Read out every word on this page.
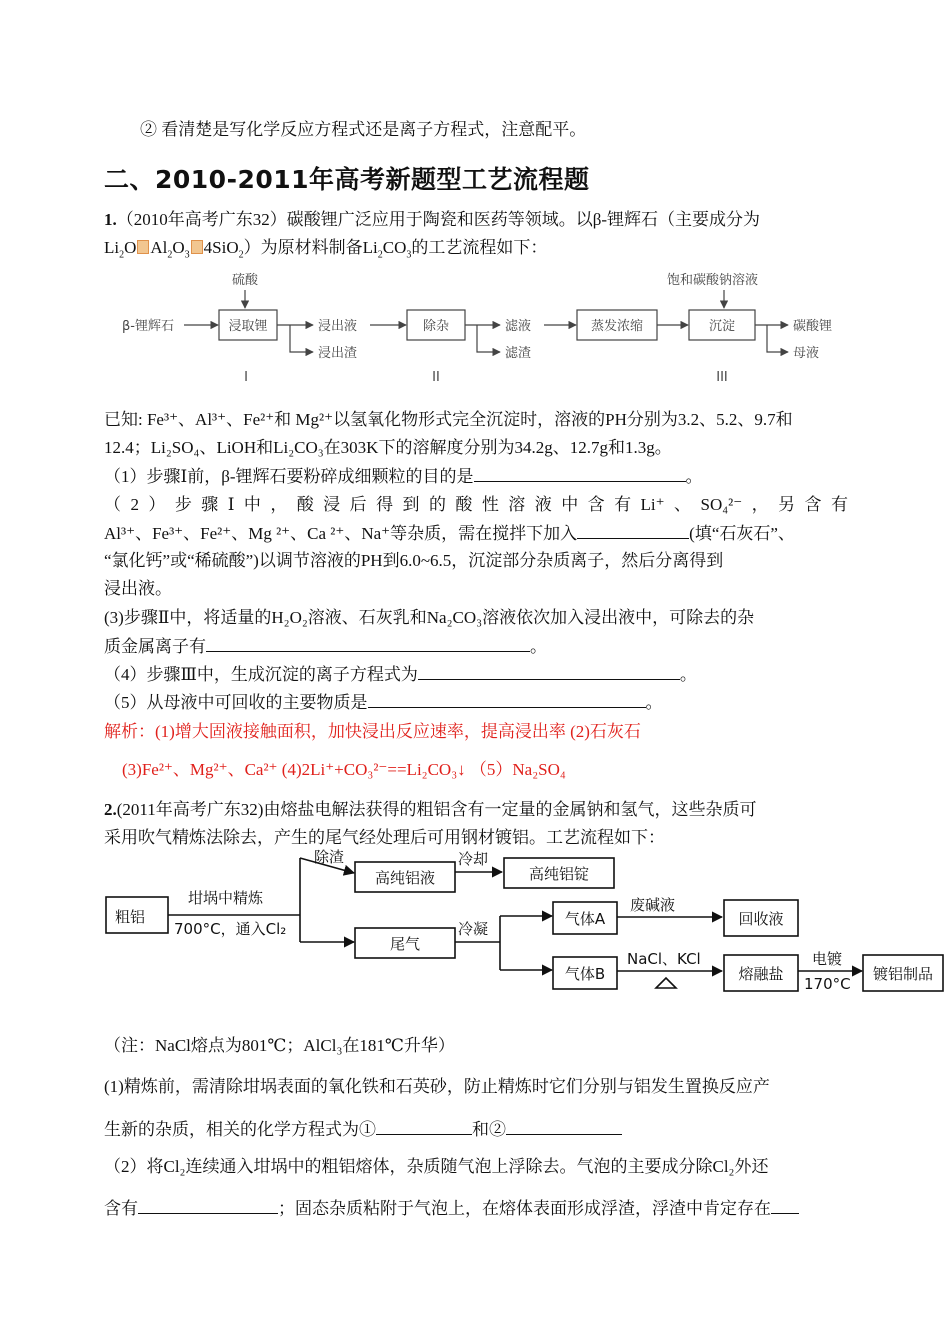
② 看清楚是写化学反应方程式还是离子方程式，注意配平。
二、2010-2011年高考新题型工艺流程题
1.（2010年高考广东32）碳酸锂广泛应用于陶瓷和医药等领域。以β-锂辉石（主要成分为
$Li_2O$ $Al_2O_3$ 4SiO$_2$）为原材料制备$Li_2CO_3$的工艺流程如下：
β-锂辉石
硫酸
浸取锂	浸出液
浸出渣
除杂	滤液
滤渣
蒸发浓缩
饱和碳酸钠溶液
沉淀	碳酸锂
母液
I	II	III
已知: Fe³⁺、Al³⁺、Fe²⁺和 Mg²⁺以氢氧化物形式完全沉淀时，溶液的PH分别为3.2、5.2、9.7和
12.4；Li₂SO₄、LiOH和Li₂CO₃在303K下的溶解度分别为34.2g、12.7g和1.3g。
（1）步骤Ⅰ前，β-锂辉石要粉碎成细颗粒的目的是	。
（2）步骤Ⅰ中，酸浸后得到的酸性溶液中含有Li⁺、SO₄²⁻，另含有
Al³⁺、Fe³⁺、Fe²⁺、Mg ²⁺、Ca ²⁺、Na⁺等杂质，需在搅拌下加入	(填“石灰石”、
“氯化钙”或“稀硫酸”)以调节溶液的PH到6.0~6.5，沉淀部分杂质离子，然后分离得到
浸出液。
(3)步骤Ⅱ中，将适量的H₂O₂溶液、石灰乳和Na₂CO₃溶液依次加入浸出液中，可除去的杂
质金属离子有	。
（4）步骤Ⅲ中，生成沉淀的离子方程式为	。
（5）从母液中可回收的主要物质是	。
解析：(1)增大固液接触面积，加快浸出反应速率，提高浸出率 (2)石灰石
(3)Fe²⁺、Mg²⁺、Ca²⁺ (4)2Li⁺+CO₃²⁻==Li₂CO₃↓ （5）Na₂SO₄
2.(2011年高考广东32)由熔盐电解法获得的粗铝含有一定量的金属钠和氢气，这些杂质可
采用吹气精炼法除去，产生的尾气经处理后可用钢材镀铝。工艺流程如下：
粗铝
坩埚中精炼
700°C，通入Cl₂
除渣
高纯铝液
冷却
高纯铝锭
尾气
冷凝
气体A
废碱液
回收液
气体B
NaCl、KCl
熔融盐
电镀
170°C
镀铝制品
（注：NaCl熔点为801℃；AlCl₃在181℃升华）
(1)精炼前，需清除坩埚表面的氧化铁和石英砂，防止精炼时它们分别与铝发生置换反应产
生新的杂质，相关的化学方程式为①	和②
（2）将Cl₂连续通入坩埚中的粗铝熔体，杂质随气泡上浮除去。气泡的主要成分除Cl₂外还
含有	；固态杂质粘附于气泡上，在熔体表面形成浮渣，浮渣中肯定存在
